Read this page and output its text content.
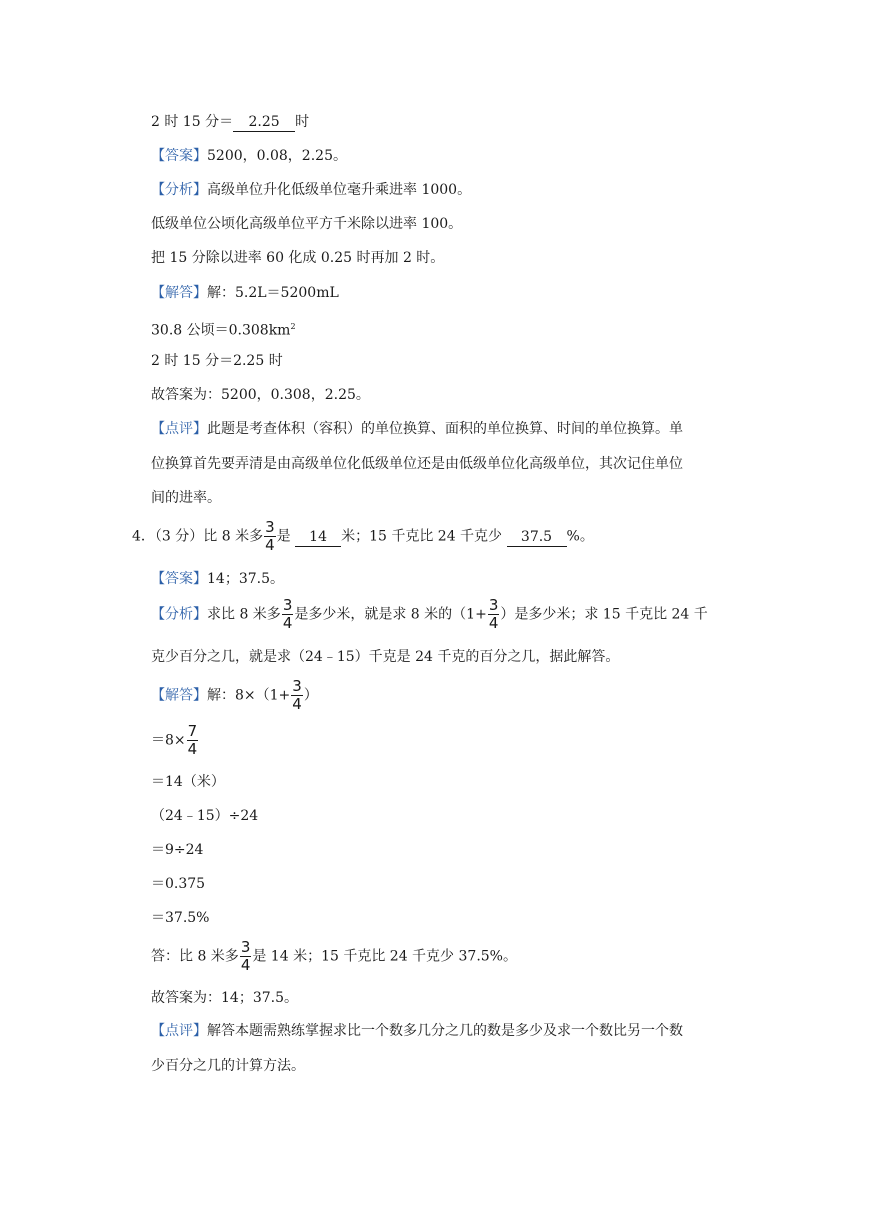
2 时 15 分＝ 2.25 时
【答案】5200，0.08，2.25。
【分析】高级单位升化低级单位毫升乘进率 1000。
低级单位公顷化高级单位平方千米除以进率 100。
把 15 分除以进率 60 化成 0.25 时再加 2 时。
【解答】解：5.2L＝5200mL
30.8 公顷$=0.308km^2$
2 时 15 分＝2.25 时
故答案为：5200，0.308，2.25。
【点评】此题是考查体积（容积）的单位换算、面积的单位换算、时间的单位换算。单
位换算首先要弄清是由高级单位化低级单位还是由低级单位化高级单位，其次记住单位
间的进率。
4．（3 分）比 8 米多 $\frac{3}{4}$ 是 14 米；15 千克比 24 千克少 37.5 %。
【答案】14；37.5。
【分析】求比 8 米多 $\frac{3}{4}$ 是多少米，就是求 8 米的（$1+ \frac{3}{4}$ ）是多少米；求 15 千克比 24 千
克少百分之几，就是求（24﹣15）千克是 24 千克的百分之几，据此解答。
【解答】解：$8\times(1+ \frac{3}{4}$ ）
$=8\times \frac{7}{4}$
＝14（米）
（24﹣15）÷24
＝9÷24
＝0.375
＝37.5%
答：比 8 米多 $\frac{3}{4}$ 是 14 米；15 千克比 24 千克少 37.5%。
故答案为：14；37.5。
【点评】解答本题需熟练掌握求比一个数多几分之几的数是多少及求一个数比另一个数
少百分之几的计算方法。
